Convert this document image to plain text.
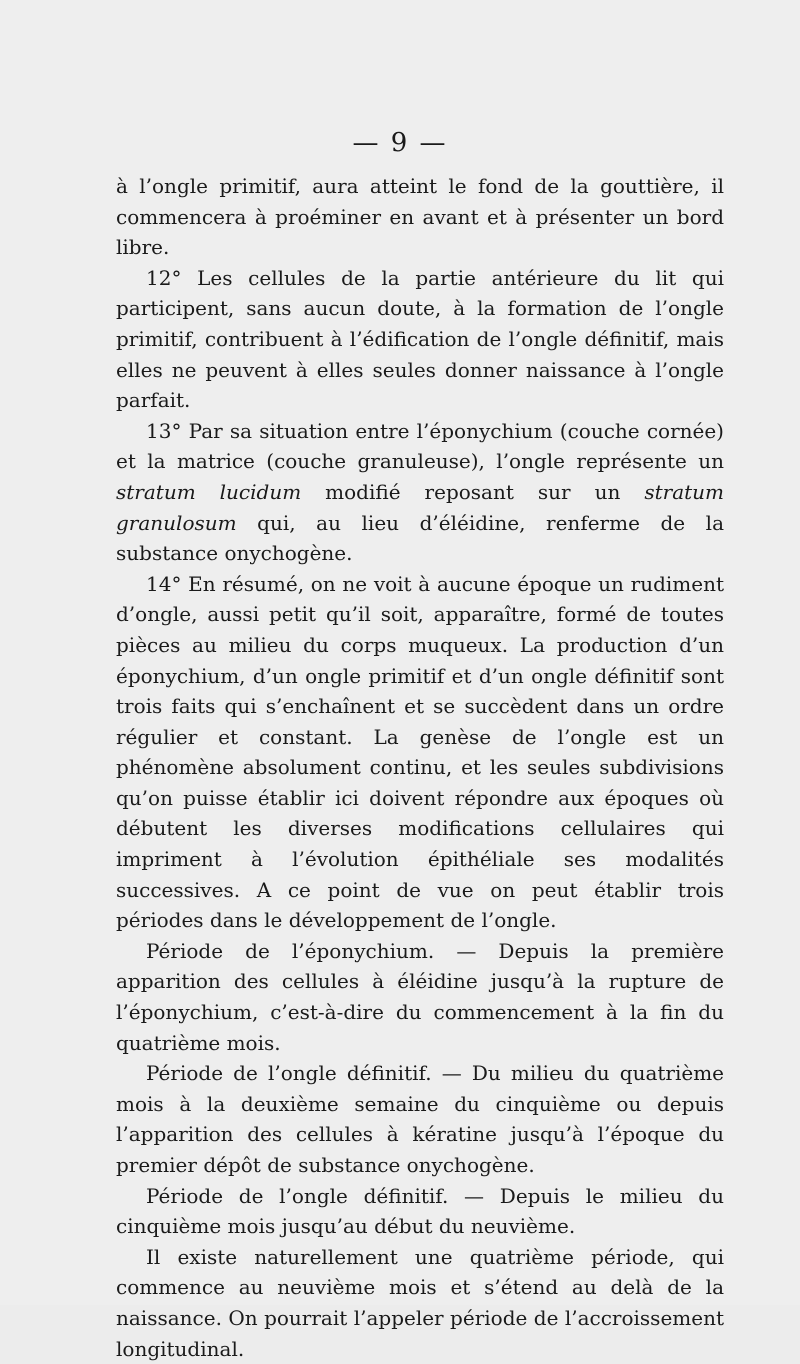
— 9 —

à l’ongle primitif, aura atteint le fond de la gouttière, il commencera à proéminer en avant et à présenter un bord libre.

12° Les cellules de la partie antérieure du lit qui participent, sans aucun doute, à la formation de l’ongle primitif, contribuent à l’édification de l’ongle définitif, mais elles ne peuvent à elles seules donner naissance à l’ongle parfait.

13° Par sa situation entre l’éponychium (couche cornée) et la matrice (couche granuleuse), l’ongle représente un stratum lucidum modifié reposant sur un stratum granulosum qui, au lieu d’éléidine, renferme de la substance onychogène.

14° En résumé, on ne voit à aucune époque un rudiment d’ongle, aussi petit qu’il soit, apparaître, formé de toutes pièces au milieu du corps muqueux. La production d’un éponychium, d’un ongle primitif et d’un ongle définitif sont trois faits qui s’enchaînent et se succèdent dans un ordre régulier et constant. La genèse de l’ongle est un phénomène absolument continu, et les seules subdivisions qu’on puisse établir ici doivent répondre aux époques où débutent les diverses modifications cellulaires qui impriment à l’évolution épithéliale ses modalités successives. A ce point de vue on peut établir trois périodes dans le développement de l’ongle.

Période de l’éponychium. — Depuis la première apparition des cellules à éléidine jusqu’à la rupture de l’éponychium, c’est-à-dire du commencement à la fin du quatrième mois.

Période de l’ongle définitif. — Du milieu du quatrième mois à la deuxième semaine du cinquième ou depuis l’apparition des cellules à kératine jusqu’à l’époque du premier dépôt de substance onychogène.

Période de l’ongle définitif. — Depuis le milieu du cinquième mois jusqu’au début du neuvième.

Il existe naturellement une quatrième période, qui commence au neuvième mois et s’étend au delà de la naissance. On pourrait l’appeler période de l’accroissement longitudinal.
